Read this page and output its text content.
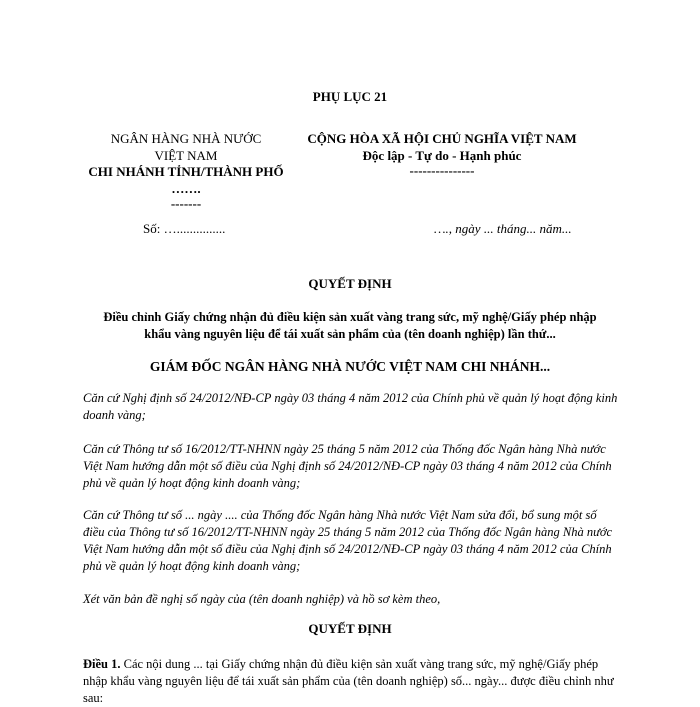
PHỤ LỤC 21
NGÂN HÀNG NHÀ NƯỚC
VIỆT NAM
CHI NHÁNH TỈNH/THÀNH PHỐ
…….
-------
CỘNG HÒA XÃ HỘI CHỦ NGHĨA VIỆT NAM
Độc lập - Tự do - Hạnh phúc
---------------
Số: …...............	…., ngày ... tháng... năm...
QUYẾT ĐỊNH
Điều chỉnh Giấy chứng nhận đủ điều kiện sản xuất vàng trang sức, mỹ nghệ/Giấy phép nhập khẩu vàng nguyên liệu để tái xuất sản phẩm của (tên doanh nghiệp) lần thứ...
GIÁM ĐỐC NGÂN HÀNG NHÀ NƯỚC VIỆT NAM CHI NHÁNH...
Căn cứ Nghị định số 24/2012/NĐ-CP ngày 03 tháng 4 năm 2012 của Chính phủ về quản lý hoạt động kinh doanh vàng;
Căn cứ Thông tư số 16/2012/TT-NHNN ngày 25 tháng 5 năm 2012 của Thống đốc Ngân hàng Nhà nước Việt Nam hướng dẫn một số điều của Nghị định số 24/2012/NĐ-CP ngày 03 tháng 4 năm 2012 của Chính phủ về quản lý hoạt động kinh doanh vàng;
Căn cứ Thông tư số ... ngày .... của Thống đốc Ngân hàng Nhà nước Việt Nam sửa đổi, bổ sung một số điều của Thông tư số 16/2012/TT-NHNN ngày 25 tháng 5 năm 2012 của Thống đốc Ngân hàng Nhà nước Việt Nam hướng dẫn một số điều của Nghị định số 24/2012/NĐ-CP ngày 03 tháng 4 năm 2012 của Chính phủ về quản lý hoạt động kinh doanh vàng;
Xét văn bản đề nghị số ngày của (tên doanh nghiệp) và hồ sơ kèm theo,
QUYẾT ĐỊNH
Điều 1. Các nội dung ... tại Giấy chứng nhận đủ điều kiện sản xuất vàng trang sức, mỹ nghệ/Giấy phép nhập khẩu vàng nguyên liệu để tái xuất sản phẩm của (tên doanh nghiệp) số... ngày... được điều chỉnh như sau:
